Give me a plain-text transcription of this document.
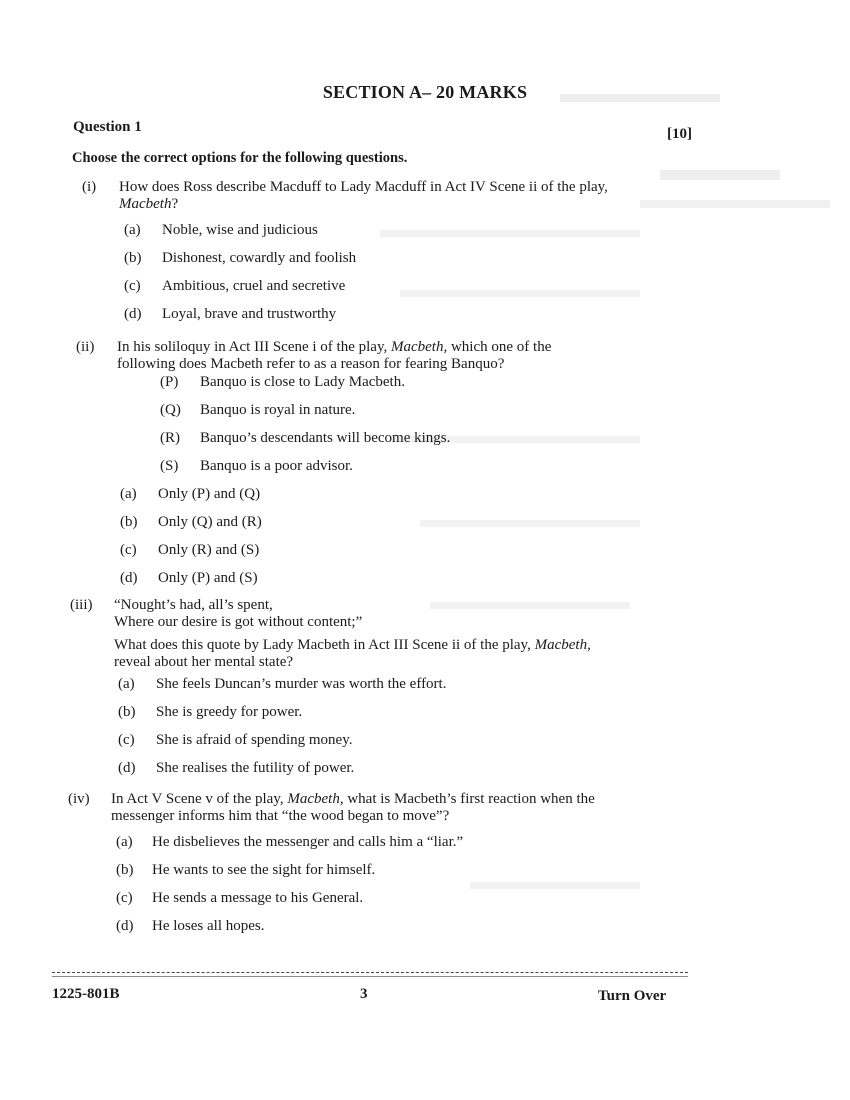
SECTION A– 20 MARKS
Question 1	[10]
Choose the correct options for the following questions.
(i) How does Ross describe Macduff to Lady Macduff in Act IV Scene ii of the play,
Macbeth?
(a) Noble, wise and judicious
(b) Dishonest, cowardly and foolish
(c) Ambitious, cruel and secretive
(d) Loyal, brave and trustworthy
(ii) In his soliloquy in Act III Scene i of the play, Macbeth, which one of the
following does Macbeth refer to as a reason for fearing Banquo?
(P) Banquo is close to Lady Macbeth.
(Q) Banquo is royal in nature.
(R) Banquo’s descendants will become kings.
(S) Banquo is a poor advisor.
(a) Only (P) and (Q)
(b) Only (Q) and (R)
(c) Only (R) and (S)
(d) Only (P) and (S)
(iii) “Nought’s had, all’s spent,
Where our desire is got without content;”
What does this quote by Lady Macbeth in Act III Scene ii of the play, Macbeth,
reveal about her mental state?
(a) She feels Duncan’s murder was worth the effort.
(b) She is greedy for power.
(c) She is afraid of spending money.
(d) She realises the futility of power.
(iv) In Act V Scene v of the play, Macbeth, what is Macbeth’s first reaction when the
messenger informs him that “the wood began to move”?
(a) He disbelieves the messenger and calls him a “liar.”
(b) He wants to see the sight for himself.
(c) He sends a message to his General.
(d) He loses all hopes.
1225-801B	3	Turn Over
